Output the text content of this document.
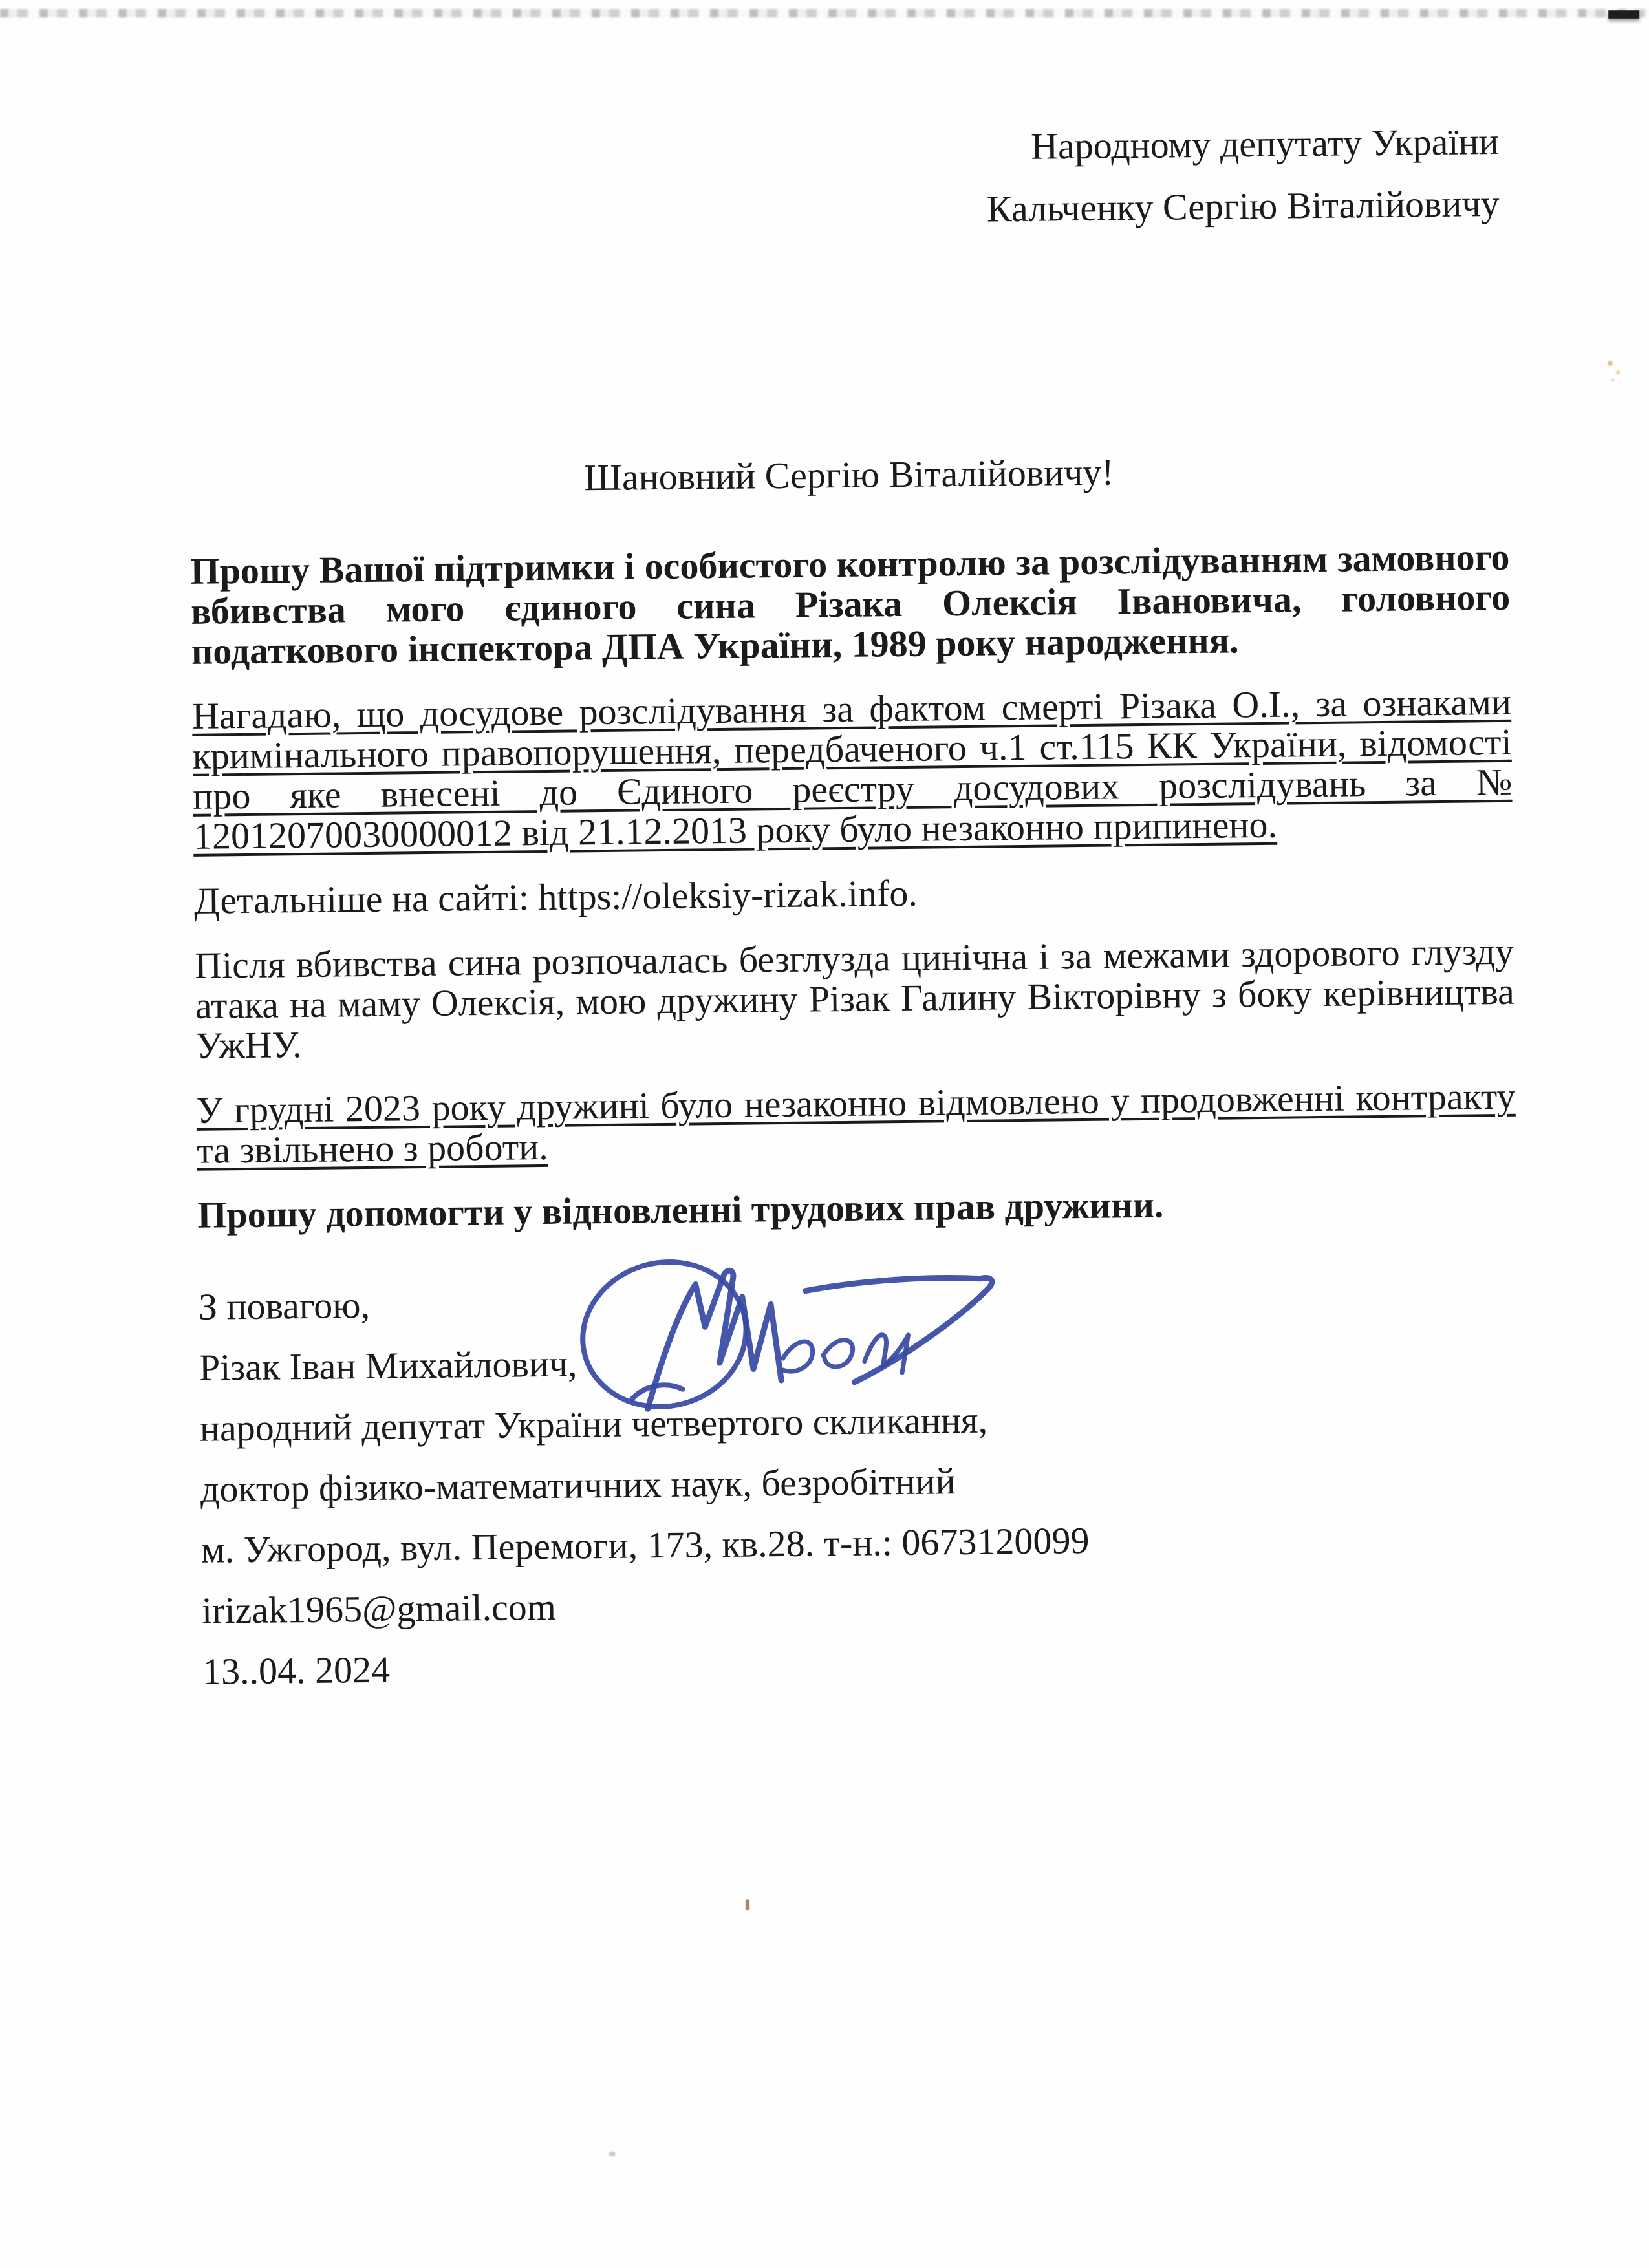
Народному депутату України
Кальченку Сергію Віталійовичу
Шановний Сергію Віталійовичу!

Прошу Вашої підтримки і особистого контролю за розслідуванням замовного вбивства мого єдиного сина Різака Олексія Івановича, головного податкового інспектора ДПА України, 1989 року народження.

Нагадаю, що досудове розслідування за фактом смерті Різака О.І., за ознаками кримінального правопорушення, передбаченого ч.1 ст.115 КК України, відомості про яке внесені до Єдиного реєстру досудових розслідувань за № 12012070030000012 від 21.12.2013 року було незаконно припинено.

Детальніше на сайті: https://oleksiy-rizak.info.

Після вбивства сина розпочалась безглузда цинічна і за межами здорового глузду атака на маму Олексія, мою дружину Різак Галину Вікторівну з боку керівництва УжНУ.

У грудні 2023 року дружині було незаконно відмовлено у продовженні контракту та звільнено з роботи.

Прошу допомогти у відновленні трудових прав дружини.

З повагою,
Різак Іван Михайлович,
народний депутат України четвертого скликання,
доктор фізико-математичних наук, безробітний
м. Ужгород, вул. Перемоги, 173, кв.28. т-н.: 0673120099
irizak1965@gmail.com
13..04. 2024
